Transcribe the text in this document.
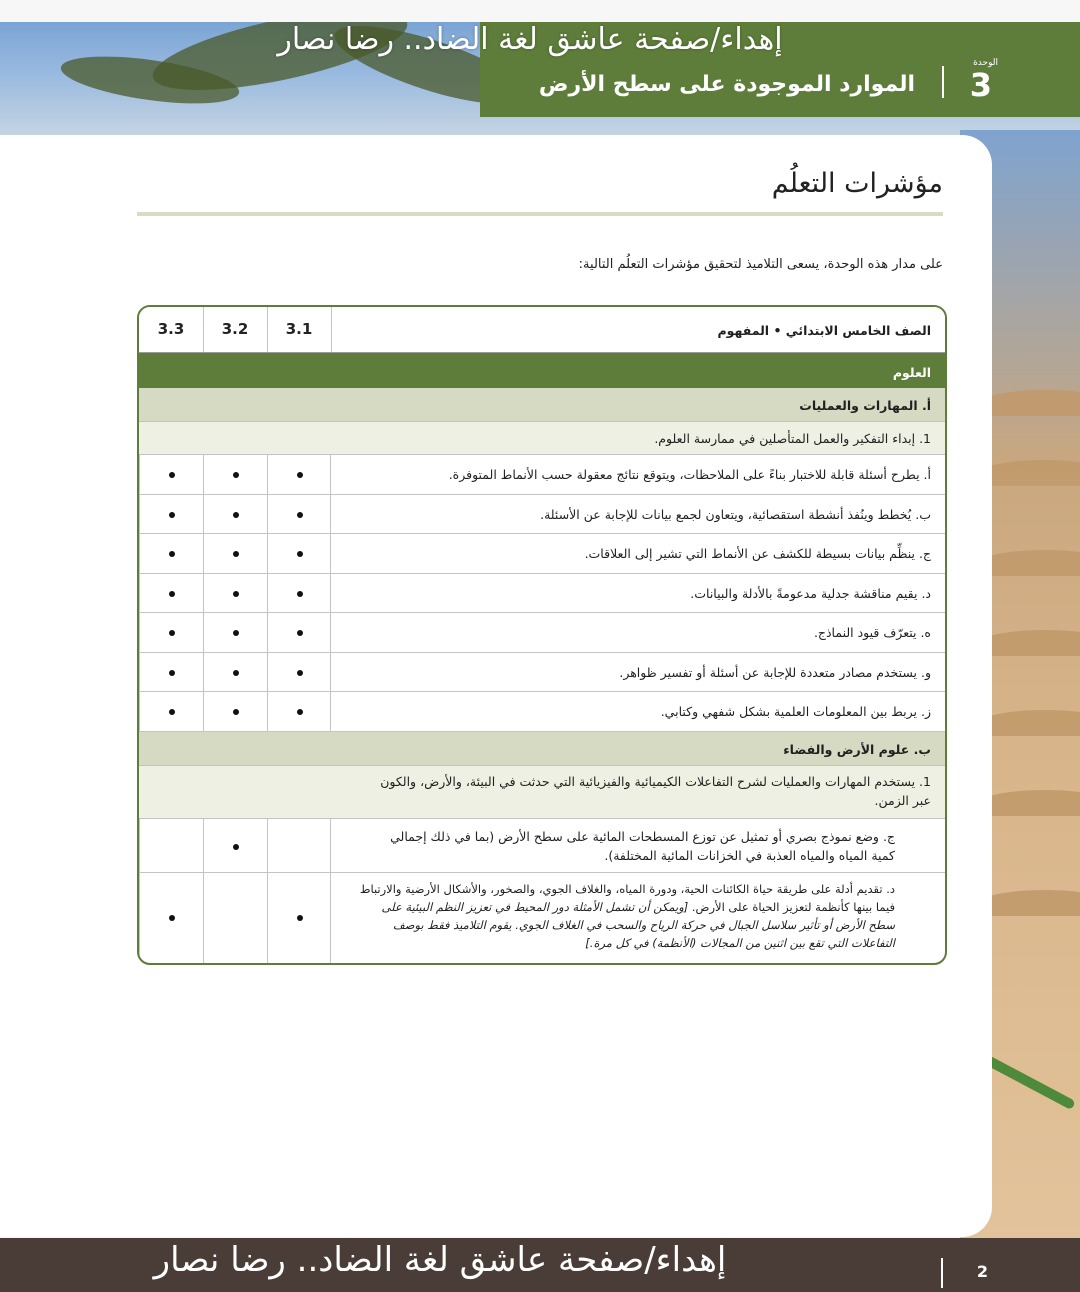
الوحدة
3
الموارد الموجودة على سطح الأرض
إهداء/صفحة عاشق لغة الضاد.. رضا نصار
مؤشرات التعلُم
على مدار هذه الوحدة، يسعى التلاميذ لتحقيق مؤشرات التعلُم التالية:
الصف الخامس الابتدائي • المفهوم
3.1
3.2
3.3
العلوم
أ. المهارات والعمليات
1. إبداء التفكير والعمل المتأصلين في ممارسة العلوم.
أ. يطرح أسئلة قابلة للاختبار بناءً على الملاحظات، ويتوقع نتائج معقولة حسب الأنماط المتوفرة.
ب. يُخطط وينُفذ أنشطة استقصائية، ويتعاون لجمع بيانات للإجابة عن الأسئلة.
ج. ينظِّم بيانات بسيطة للكشف عن الأنماط التي تشير إلى العلاقات.
د. يقيم مناقشة جدلية مدعومةً بالأدلة والبيانات.
ه. يتعرّف قيود النماذج.
و. يستخدم مصادر متعددة للإجابة عن أسئلة أو تفسير ظواهر.
ز. يربط بين المعلومات العلمية بشكل شفهي وكتابي.
ب. علوم الأرض والفضاء
1. يستخدم المهارات والعمليات لشرح التفاعلات الكيميائية والفيزيائية التي حدثت في البيئة، والأرض، والكون عبر الزمن.
ج. وضع نموذج بصري أو تمثيل عن توزع المسطحات المائية على سطح الأرض (بما في ذلك إجمالي كمية المياه والمياه العذبة في الخزانات المائية المختلفة).
د. تقديم أدلة على طريقة حياة الكائنات الحية، ودورة المياه، والغلاف الجوي، والصخور، والأشكال الأرضية والارتباط فيما بينها كأنظمة لتعزيز الحياة على الأرض. [ويمكن أن تشمل الأمثلة دور المحيط في تعزيز النظم البيئية على سطح الأرض أو تأثير سلاسل الجبال في حركة الرياح والسحب في الغلاف الجوي. يقوم التلاميذ فقط بوصف التفاعلات التي تقع بين اثنين من المجالات (الأنظمة) في كل مرة.]
2
إهداء/صفحة عاشق لغة الضاد.. رضا نصار
